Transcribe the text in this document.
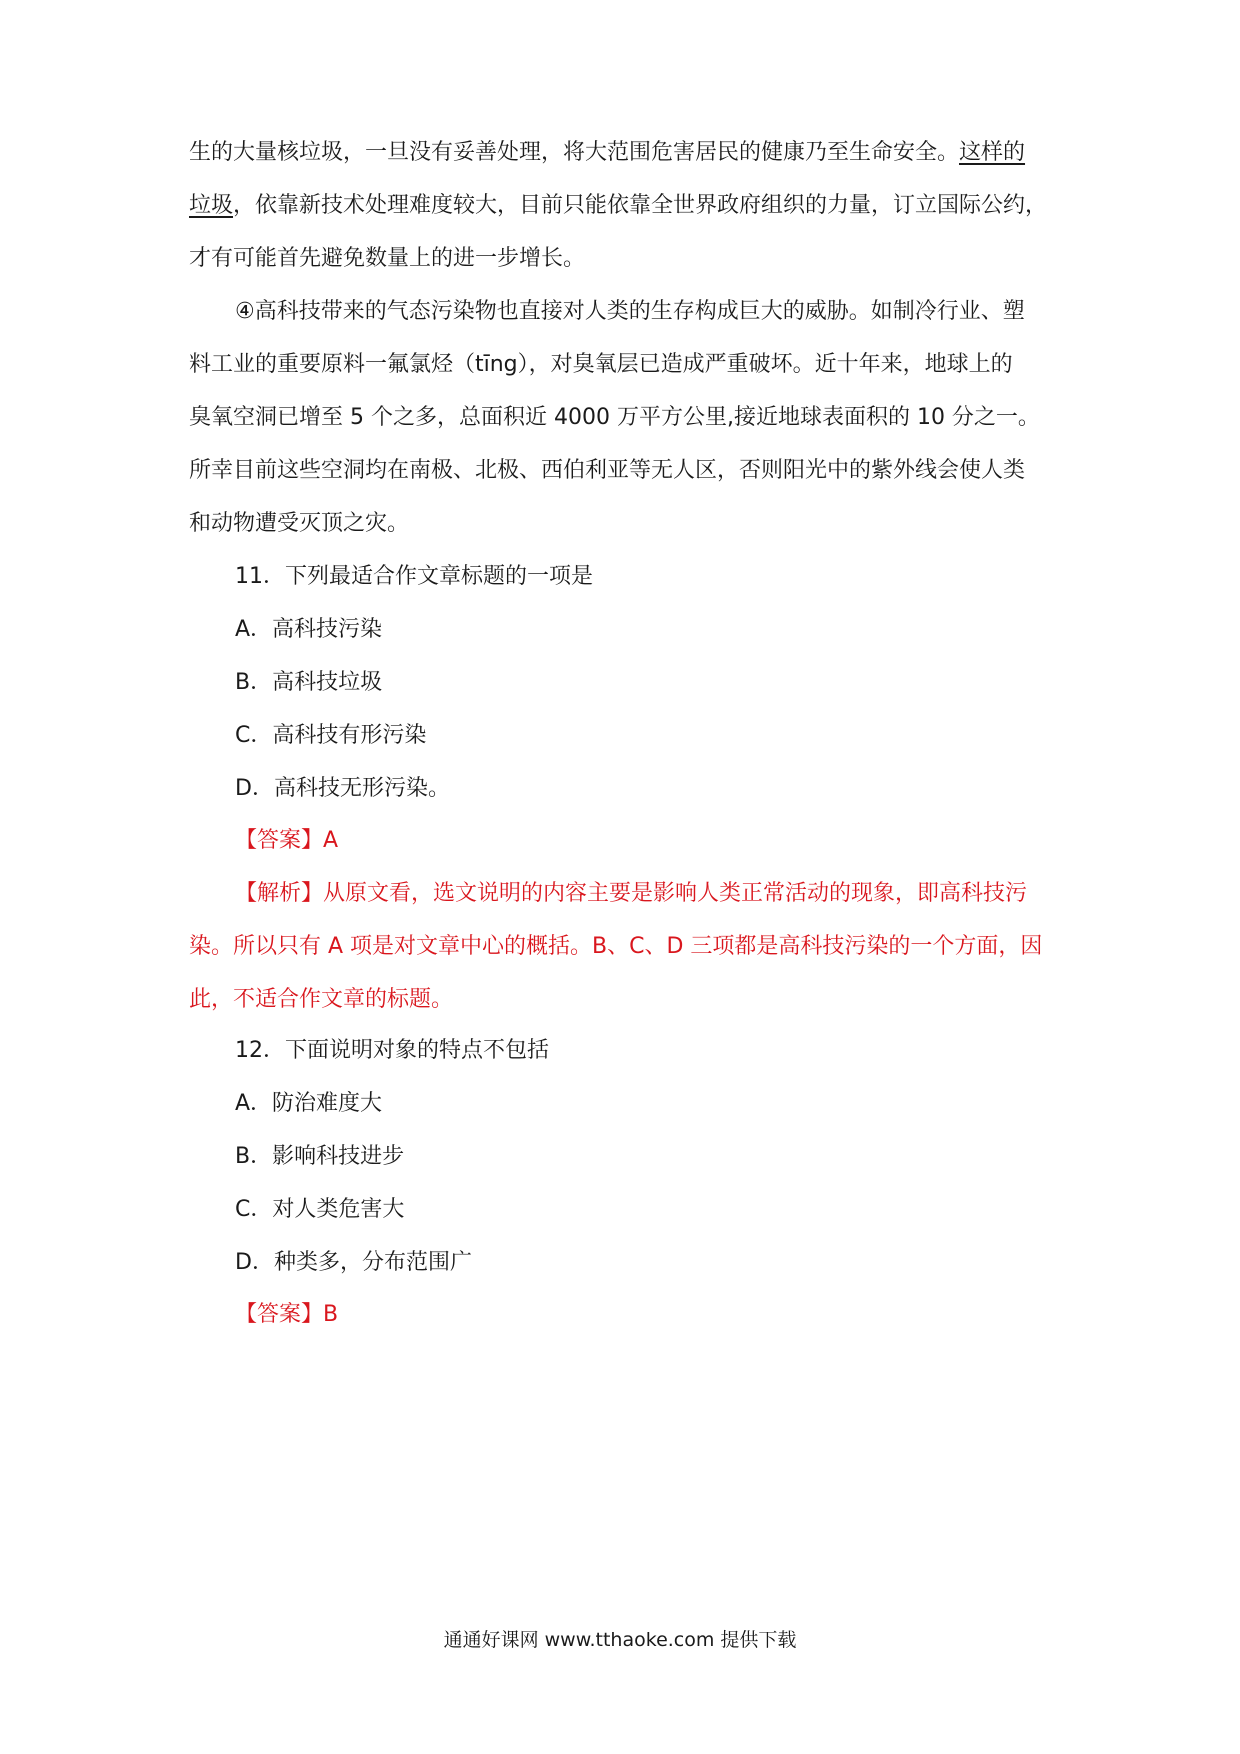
生的大量核垃圾，一旦没有妥善处理，将大范围危害居民的健康乃至生命安全。这样的
垃圾，依靠新技术处理难度较大，目前只能依靠全世界政府组织的力量，订立国际公约，
才有可能首先避免数量上的进一步增长。
④高科技带来的气态污染物也直接对人类的生存构成巨大的威胁。如制冷行业、塑
料工业的重要原料一氟氯烃（tīng），对臭氧层已造成严重破坏。近十年来，地球上的
臭氧空洞已增至 5 个之多，总面积近 4000 万平方公里,接近地球表面积的 10 分之一。
所幸目前这些空洞均在南极、北极、西伯利亚等无人区，否则阳光中的紫外线会使人类
和动物遭受灭顶之灾。
11．下列最适合作文章标题的一项是
A．高科技污染
B．高科技垃圾
C．高科技有形污染
D．高科技无形污染。
【答案】A
【解析】从原文看，选文说明的内容主要是影响人类正常活动的现象，即高科技污
染。所以只有 A 项是对文章中心的概括。B、C、D 三项都是高科技污染的一个方面，因
此，不适合作文章的标题。
12．下面说明对象的特点不包括
A．防治难度大
B．影响科技进步
C．对人类危害大
D．种类多，分布范围广
【答案】B
通通好课网 www.tthaoke.com 提供下载
